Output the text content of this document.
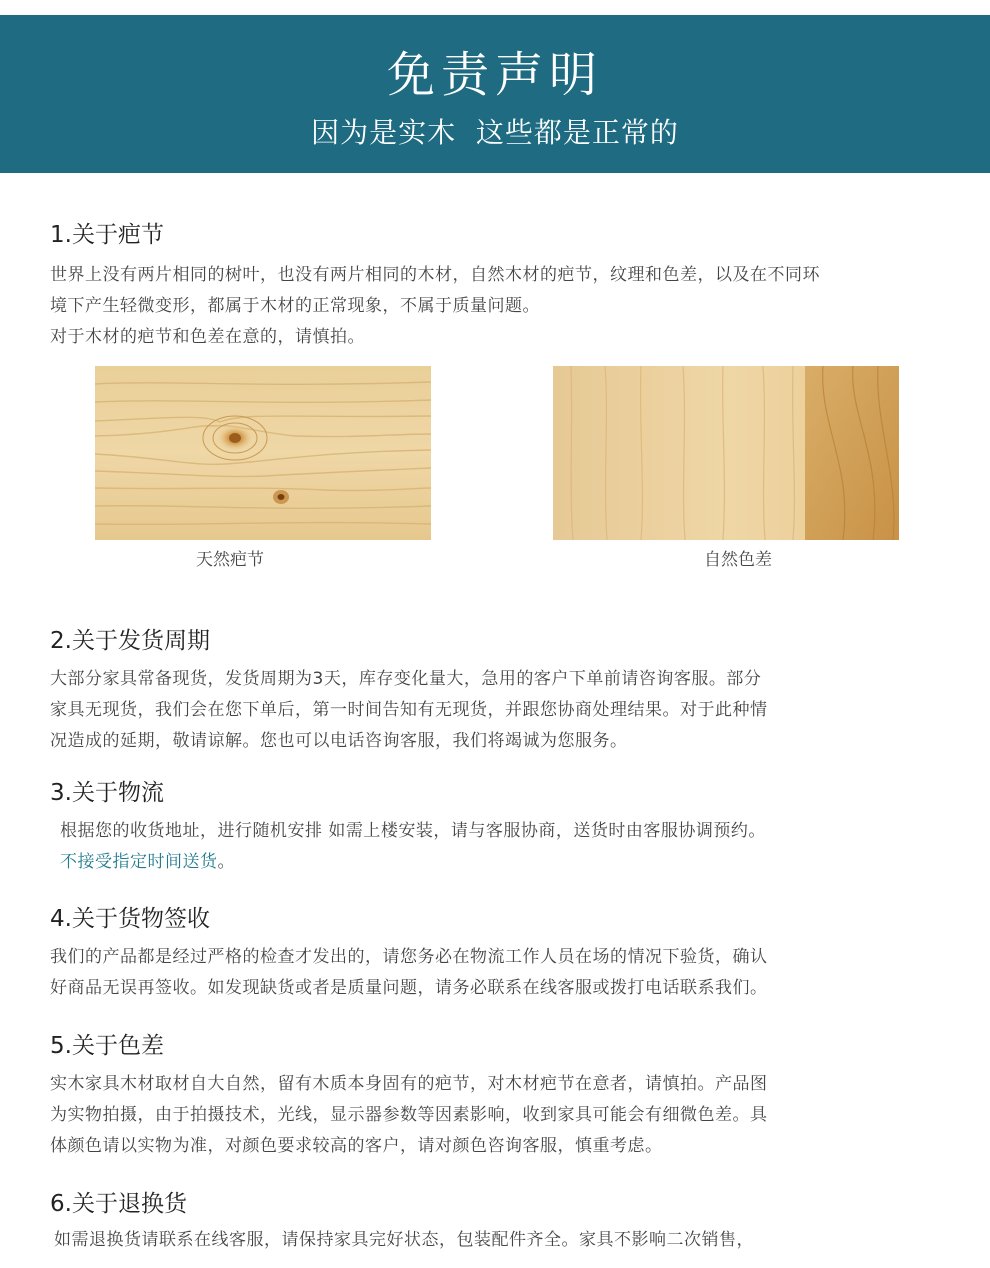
免责声明
因为是实木  这些都是正常的
1.关于疤节

世界上没有两片相同的树叶，也没有两片相同的木材，自然木材的疤节，纹理和色差，以及在不同环

境下产生轻微变形，都属于木材的正常现象，不属于质量问题。

对于木材的疤节和色差在意的，请慎拍。

天然疤节	自然色差
2.关于发货周期

大部分家具常备现货，发货周期为3天，库存变化量大，急用的客户下单前请咨询客服。部分

家具无现货，我们会在您下单后，第一时间告知有无现货，并跟您协商处理结果。对于此种情

况造成的延期，敬请谅解。您也可以电话咨询客服，我们将竭诚为您服务。

3.关于物流

根据您的收货地址，进行随机安排 如需上楼安装，请与客服协商，送货时由客服协调预约。

不接受指定时间送货。

4.关于货物签收

我们的产品都是经过严格的检查才发出的，请您务必在物流工作人员在场的情况下验货，确认

好商品无误再签收。如发现缺货或者是质量问题，请务必联系在线客服或拨打电话联系我们。

5.关于色差

实木家具木材取材自大自然，留有木质本身固有的疤节，对木材疤节在意者，请慎拍。产品图

为实物拍摄，由于拍摄技术，光线，显示器参数等因素影响，收到家具可能会有细微色差。具

体颜色请以实物为准，对颜色要求较高的客户，请对颜色咨询客服，慎重考虑。

6.关于退换货

如需退换货请联系在线客服，请保持家具完好状态，包装配件齐全。家具不影响二次销售，
